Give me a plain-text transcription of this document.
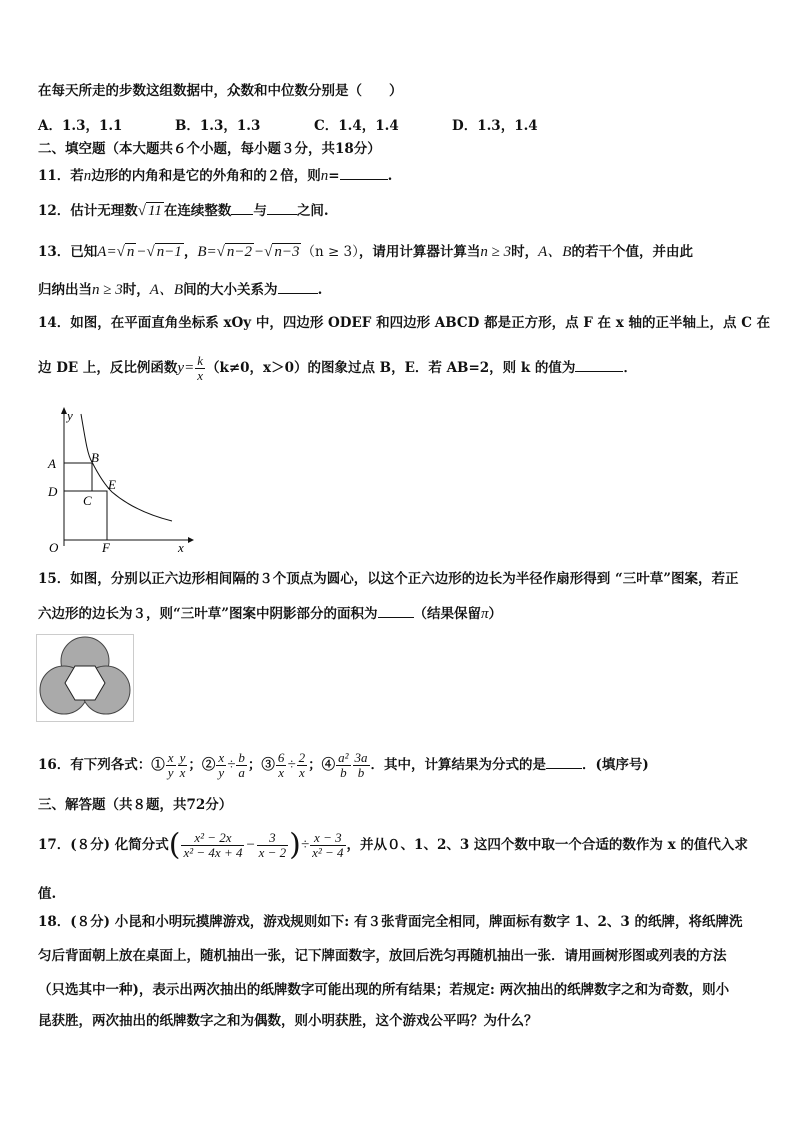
在每天所走的步数这组数据中，众数和中位数分别是（　　）
A．1.3，1.1	B．1.3，1.3	C．1.4，1.4	D．1.3，1.4
二、填空题（本大题共６个小题，每小题３分，共18分）
11．若n边形的内角和是它的外角和的２倍，则n=	.
12．估计无理数√ 11 在连续整数 与 之间.
13．已知A=√ n −√ n−1 ，B=√ n−2 −√ n−3 （n ≥ 3），请用计算器计算当n ≥ 3时，A、B的若干个值，并由此
归纳出当n ≥ 3时，A、B间的大小关系为	.
14．如图，在平面直角坐标系 xOy 中，四边形 ODEF 和四边形 ABCD 都是正方形，点 F 在 x 轴的正半轴上，点 C 在
边 DE 上，反比例函数$y= \frac{k}{x} (k\ne 0$，x＞0）的图象过点 B，E．若 AB=2，则 k 的值为	．
y
x
O
A	B
C
D	E
F
15．如图，分别以正六边形相间隔的３个顶点为圆心，以这个正六边形的边长为半径作扇形得到 “三叶草”图案，若正
六边形的边长为３，则“三叶草”图案中阴影部分的面积为	（结果保留π）
16．有下列各式：① $\frac{x}{y} \frac{y}{x}$ ；② $\frac{x}{y} \div \frac{b}{a}$ ；③ $\frac{6}{x} \div \frac{2}{x}$ ；④ $\frac{\text{a²}}{b} \frac{3a}{b}$ ．其中，计算结果为分式的是	．(填序号)
三、解答题（共８题，共72分）
17．(８分) 化简分式( $\frac{\text{x² − 2x}}{\text{x² − 4x + 4}} - \frac{3}{x - 2}$ )÷ $\frac{x - 3}{\text{x² − 4}}$ ，并从０、1、2、3 这四个数中取一个合适的数作为 x 的值代入求
值.
18．(８分) 小昆和小明玩摸牌游戏，游戏规则如下: 有３张背面完全相同，牌面标有数字 1、2、3 的纸牌，将纸牌洗
匀后背面朝上放在桌面上，随机抽出一张，记下牌面数字，放回后洗匀再随机抽出一张．请用画树形图或列表的方法
（只选其中一种)，表示出两次抽出的纸牌数字可能出现的所有结果；若规定: 两次抽出的纸牌数字之和为奇数，则小
昆获胜，两次抽出的纸牌数字之和为偶数，则小明获胜，这个游戏公平吗？为什么？
